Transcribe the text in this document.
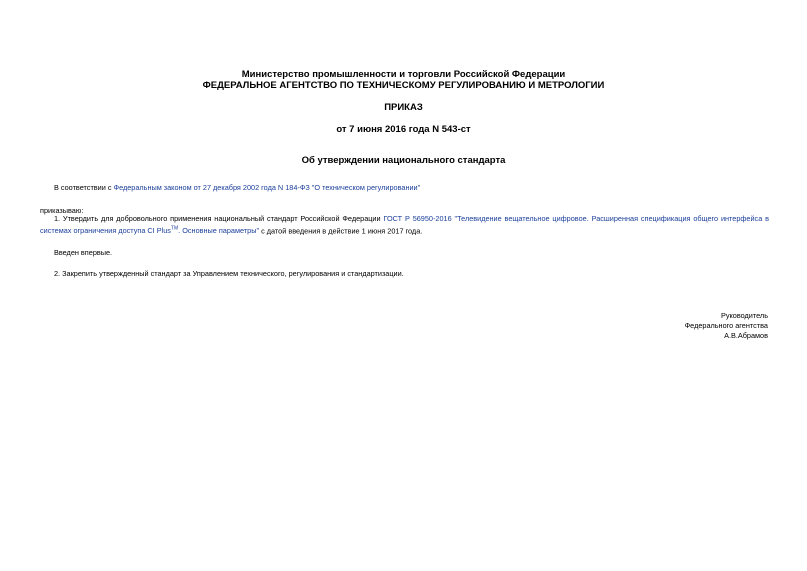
Министерство промышленности и торговли Российской Федерации
ФЕДЕРАЛЬНОЕ АГЕНТСТВО ПО ТЕХНИЧЕСКОМУ РЕГУЛИРОВАНИЮ И МЕТРОЛОГИИ
ПРИКАЗ
от 7 июня 2016 года N 543-ст
Об утверждении национального стандарта
В соответствии с Федеральным законом от 27 декабря 2002 года N 184-ФЗ "О техническом регулировании"
приказываю:
1. Утвердить для добровольного применения национальный стандарт Российской Федерации ГОСТ Р 56950-2016 "Телевидение вещательное цифровое. Расширенная спецификация общего интерфейса в
системах ограничения доступа CI Plus™. Основные параметры" с датой введения в действие 1 июня 2017 года.
Введен впервые.
2. Закрепить утвержденный стандарт за Управлением технического, регулирования и стандартизации.
Руководитель
Федерального агентства
А.В.Абрамов
